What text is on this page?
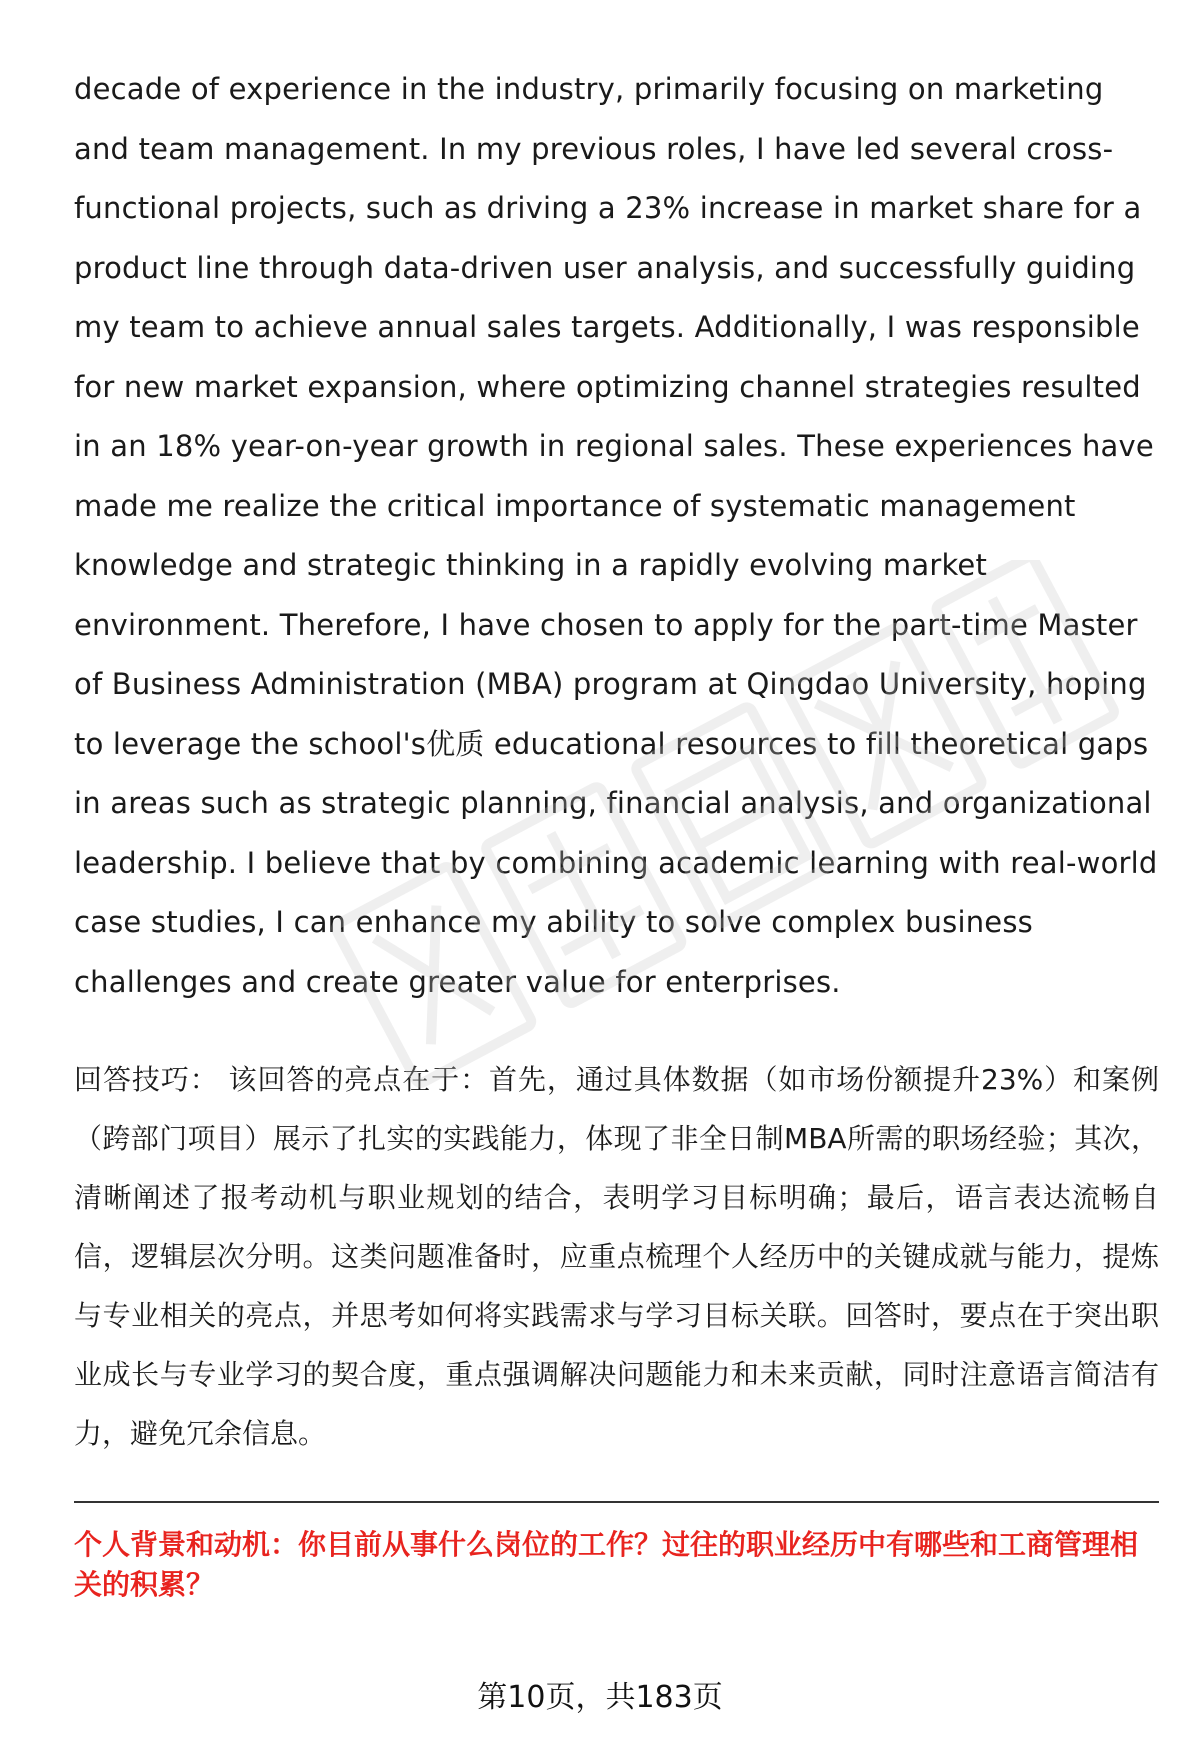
decade of experience in the industry, primarily focusing on marketing and team management. In my previous roles, I have led several cross-functional projects, such as driving a 23% increase in market share for a product line through data-driven user analysis, and successfully guiding my team to achieve annual sales targets. Additionally, I was responsible for new market expansion, where optimizing channel strategies resulted in an 18% year-on-year growth in regional sales. These experiences have made me realize the critical importance of systematic management knowledge and strategic thinking in a rapidly evolving market environment. Therefore, I have chosen to apply for the part-time Master of Business Administration (MBA) program at Qingdao University, hoping to leverage the school's优质 educational resources to fill theoretical gaps in areas such as strategic planning, financial analysis, and organizational leadership. I believe that by combining academic learning with real-world case studies, I can enhance my ability to solve complex business challenges and create greater value for enterprises.

回答技巧： 该回答的亮点在于：首先，通过具体数据（如市场份额提升23%）和案例（跨部门项目）展示了扎实的实践能力，体现了非全日制MBA所需的职场经验；其次，清晰阐述了报考动机与职业规划的结合，表明学习目标明确；最后，语言表达流畅自信，逻辑层次分明。这类问题准备时，应重点梳理个人经历中的关键成就与能力，提炼与专业相关的亮点，并思考如何将实践需求与学习目标关联。回答时，要点在于突出职业成长与专业学习的契合度，重点强调解决问题能力和未来贡献，同时注意语言简洁有力，避免冗余信息。

个人背景和动机：你目前从事什么岗位的工作？过往的职业经历中有哪些和工商管理相关的积累？

第10页，共183页
